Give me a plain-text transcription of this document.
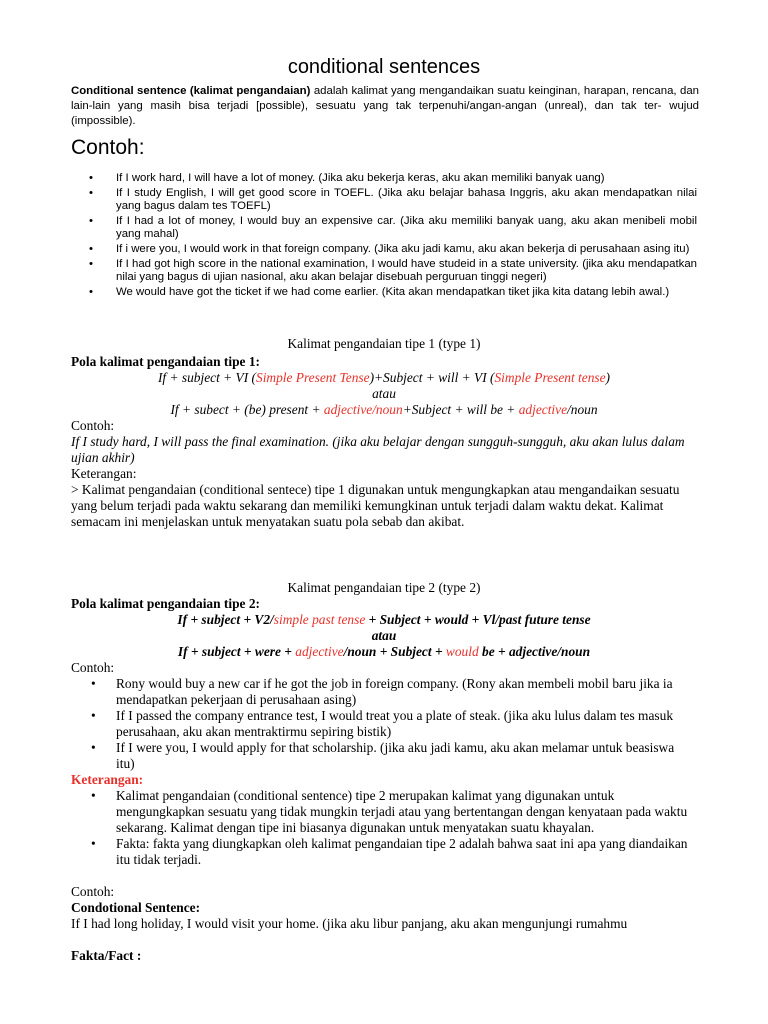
conditional sentences
Conditional sentence (kalimat pengandaian) adalah kalimat yang mengandaikan suatu keinginan, harapan, rencana, dan lain-lain yang masih bisa terjadi [possible), sesuatu yang tak terpenuhi/angan-angan (unreal), dan tak ter- wujud (impossible).
Contoh:
• If I work hard, I will have a lot of money. (Jika aku bekerja keras, aku akan memiliki banyak uang)
• If I study English, I will get good score in TOEFL. (Jika aku belajar bahasa Inggris, aku akan mendapatkan nilai yang bagus dalam tes TOEFL)
• If I had a lot of money, I would buy an expensive car. (Jika aku memiliki banyak uang, aku akan menibeli mobil yang mahal)
• If i were you, I would work in that foreign company. (Jika aku jadi kamu, aku akan bekerja di perusahaan asing itu)
• If I had got high score in the national examination, I would have studeid in a state university. (jika aku mendapatkan nilai yang bagus di ujian nasional, aku akan belajar disebuah perguruan tinggi negeri)
• We would have got the ticket if we had come earlier. (Kita akan mendapatkan tiket jika kita datang lebih awal.)
Kalimat pengandaian tipe 1 (type 1)
Pola kalimat pengandaian tipe 1:
If + subject + VI (Simple Present Tense)+Subject + will + VI (Simple Present tense)
atau
If + subect + (be) present + adjective/noun+Subject + will be + adjective/noun
Contoh:
If I study hard, I will pass the final examination. (jika aku belajar dengan sungguh-sungguh, aku akan lulus dalam ujian akhir)
Keterangan:
> Kalimat pengandaian (conditional sentece) tipe 1 digunakan untuk mengungkapkan atau mengandaikan sesuatu yang belum terjadi pada waktu sekarang dan memiliki kemungkinan untuk terjadi dalam waktu dekat. Kalimat semacam ini menjelaskan untuk menyatakan suatu pola sebab dan akibat.
Kalimat pengandaian tipe 2 (type 2)
Pola kalimat pengandaian tipe 2:
If + subject + V2/simple past tense + Subject + would + Vl/past future tense
atau
If + subject + were + adjective/noun + Subject + would be + adjective/noun
Contoh:
• Rony would buy a new car if he got the job in foreign company. (Rony akan membeli mobil baru jika ia mendapatkan pekerjaan di perusahaan asing)
• If I passed the company entrance test, I would treat you a plate of steak. (jika aku lulus dalam tes masuk perusahaan, aku akan mentraktirmu sepiring bistik)
• If I were you, I would apply for that scholarship. (jika aku jadi kamu, aku akan melamar untuk beasiswa itu)
Keterangan:
• Kalimat pengandaian (conditional sentence) tipe 2 merupakan kalimat yang digunakan untuk mengungkapkan sesuatu yang tidak mungkin terjadi atau yang bertentangan dengan kenyataan pada waktu sekarang. Kalimat dengan tipe ini biasanya digunakan untuk menyatakan suatu khayalan.
• Fakta: fakta yang diungkapkan oleh kalimat pengandaian tipe 2 adalah bahwa saat ini apa yang diandaikan itu tidak terjadi.
Contoh:
Condotional Sentence:
If I had long holiday, I would visit your home. (jika aku libur panjang, aku akan mengunjungi rumahmu
Fakta/Fact :
